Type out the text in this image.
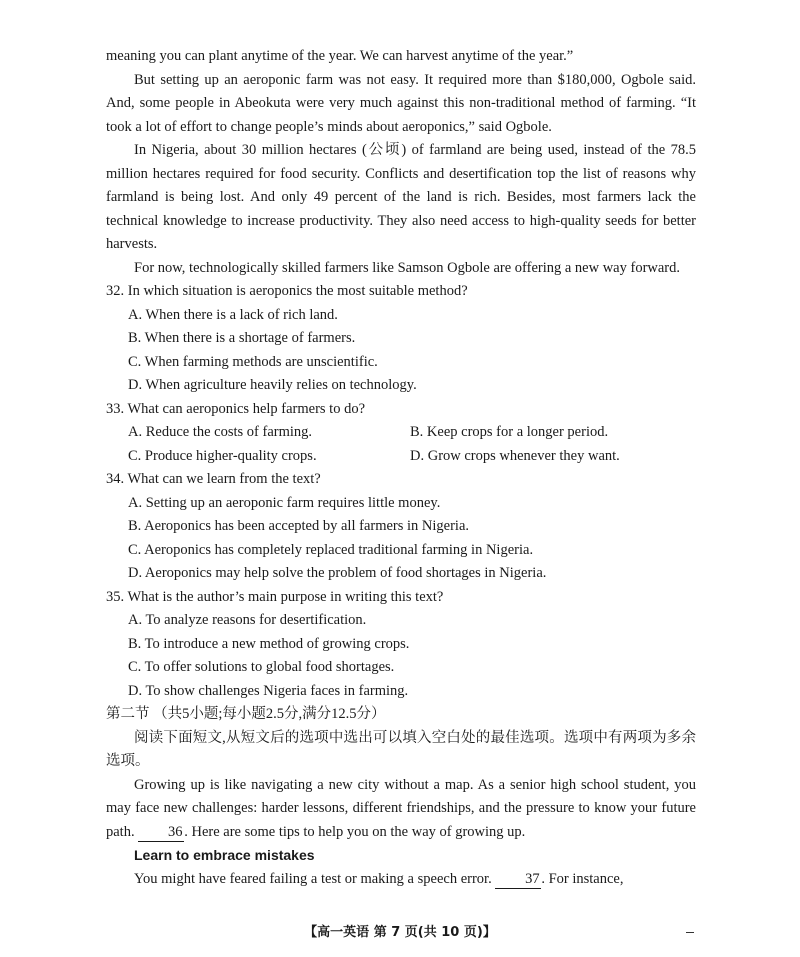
meaning you can plant anytime of the year. We can harvest anytime of the year.”

But setting up an aeroponic farm was not easy. It required more than $180,000, Ogbole said. And, some people in Abeokuta were very much against this non-traditional method of farming. “It took a lot of effort to change people’s minds about aeroponics,” said Ogbole.

In Nigeria, about 30 million hectares (公顷) of farmland are being used, instead of the 78.5 million hectares required for food security. Conflicts and desertification top the list of reasons why farmland is being lost. And only 49 percent of the land is rich. Besides, most farmers lack the technical knowledge to increase productivity. They also need access to high-quality seeds for better harvests.

For now, technologically skilled farmers like Samson Ogbole are offering a new way forward.

32. In which situation is aeroponics the most suitable method?

A. When there is a lack of rich land.

B. When there is a shortage of farmers.

C. When farming methods are unscientific.

D. When agriculture heavily relies on technology.

33. What can aeroponics help farmers to do?

A. Reduce the costs of farming.	B. Keep crops for a longer period.
C. Produce higher-quality crops.	D. Grow crops whenever they want.

34. What can we learn from the text?

A. Setting up an aeroponic farm requires little money.

B. Aeroponics has been accepted by all farmers in Nigeria.

C. Aeroponics has completely replaced traditional farming in Nigeria.

D. Aeroponics may help solve the problem of food shortages in Nigeria.

35. What is the author’s main purpose in writing this text?

A. To analyze reasons for desertification.

B. To introduce a new method of growing crops.

C. To offer solutions to global food shortages.

D. To show challenges Nigeria faces in farming.

第二节 （共5小题;每小题2.5分,满分12.5分）

阅读下面短文,从短文后的选项中选出可以填入空白处的最佳选项。选项中有两项为多余选项。

Growing up is like navigating a new city without a map. As a senior high school student, you may face new challenges: harder lessons, different friendships, and the pressure to know your future path. 36 . Here are some tips to help you on the way of growing up.

Learn to embrace mistakes

You might have feared failing a test or making a speech error. 37 . For instance,

【高一英语 第 7 页(共 10 页)】
